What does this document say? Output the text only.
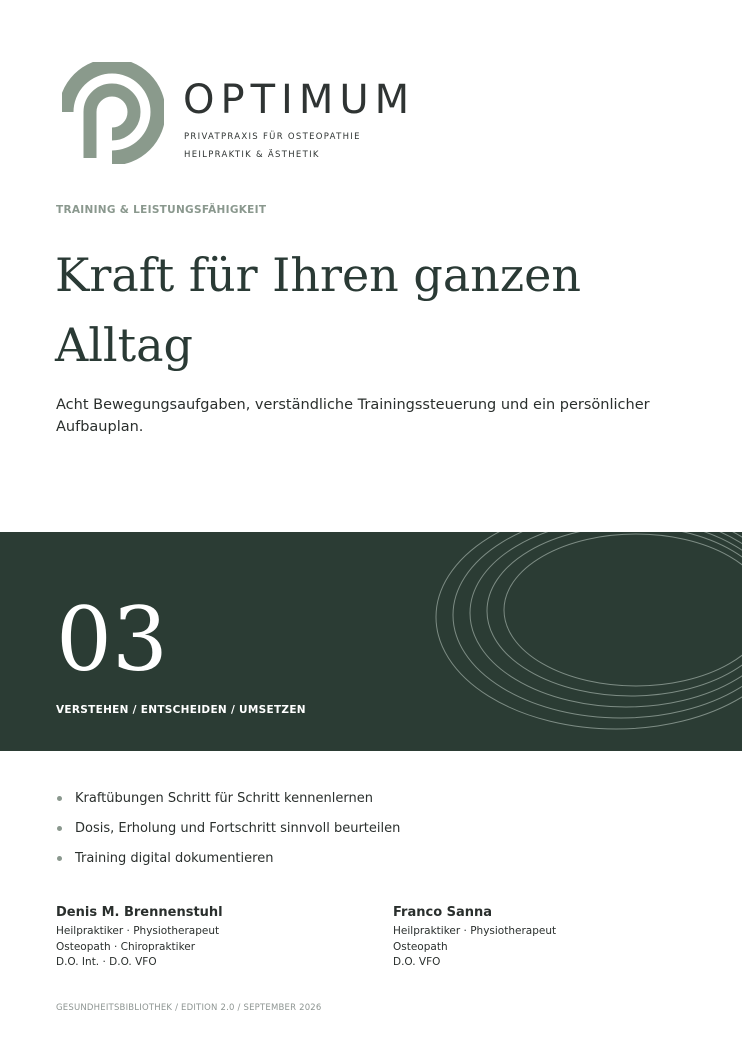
OPTIMUM
PRIVATPRAXIS FÜR OSTEOPATHIE
HEILPRAKTIK & ÄSTHETIK
TRAINING & LEISTUNGSFÄHIGKEIT
Kraft für Ihren ganzen Alltag

Acht Bewegungsaufgaben, verständliche Trainingssteuerung und ein persönlicher Aufbauplan.

03
VERSTEHEN / ENTSCHEIDEN / UMSETZEN
Kraftübungen Schritt für Schritt kennenlernen
Dosis, Erholung und Fortschritt sinnvoll beurteilen
Training digital dokumentieren
Denis M. Brennenstuhl
Heilpraktiker · Physiotherapeut
Osteopath · Chiropraktiker
D.O. Int. · D.O. VFO
Franco Sanna
Heilpraktiker · Physiotherapeut
Osteopath
D.O. VFO
GESUNDHEITSBIBLIOTHEK / EDITION 2.0 / SEPTEMBER 2026
